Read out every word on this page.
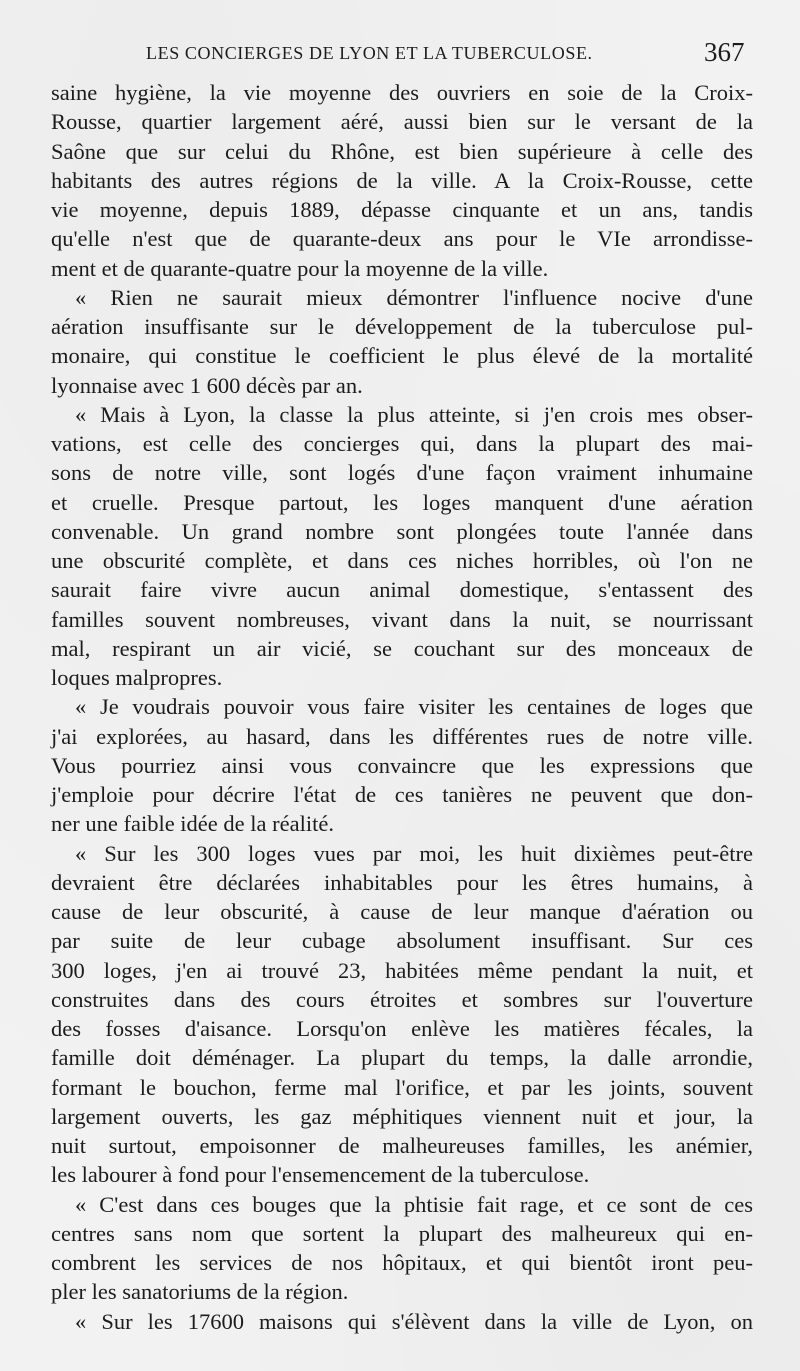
LES CONCIERGES DE LYON ET LA TUBERCULOSE.	367
saine hygiène, la vie moyenne des ouvriers en soie de la Croix-
Rousse, quartier largement aéré, aussi bien sur le versant de la
Saône que sur celui du Rhône, est bien supérieure à celle des
habitants des autres régions de la ville. A la Croix-Rousse, cette
vie moyenne, depuis 1889, dépasse cinquante et un ans, tandis
qu'elle n'est que de quarante-deux ans pour le VIe arrondisse-
ment et de quarante-quatre pour la moyenne de la ville.
« Rien ne saurait mieux démontrer l'influence nocive d'une
aération insuffisante sur le développement de la tuberculose pul-
monaire, qui constitue le coefficient le plus élevé de la mortalité
lyonnaise avec 1 600 décès par an.
« Mais à Lyon, la classe la plus atteinte, si j'en crois mes obser-
vations, est celle des concierges qui, dans la plupart des mai-
sons de notre ville, sont logés d'une façon vraiment inhumaine
et cruelle. Presque partout, les loges manquent d'une aération
convenable. Un grand nombre sont plongées toute l'année dans
une obscurité complète, et dans ces niches horribles, où l'on ne
saurait faire vivre aucun animal domestique, s'entassent des
familles souvent nombreuses, vivant dans la nuit, se nourrissant
mal, respirant un air vicié, se couchant sur des monceaux de
loques malpropres.
« Je voudrais pouvoir vous faire visiter les centaines de loges que
j'ai explorées, au hasard, dans les différentes rues de notre ville.
Vous pourriez ainsi vous convaincre que les expressions que
j'emploie pour décrire l'état de ces tanières ne peuvent que don-
ner une faible idée de la réalité.
« Sur les 300 loges vues par moi, les huit dixièmes peut-être
devraient être déclarées inhabitables pour les êtres humains, à
cause de leur obscurité, à cause de leur manque d'aération ou
par suite de leur cubage absolument insuffisant. Sur ces
300 loges, j'en ai trouvé 23, habitées même pendant la nuit, et
construites dans des cours étroites et sombres sur l'ouverture
des fosses d'aisance. Lorsqu'on enlève les matières fécales, la
famille doit déménager. La plupart du temps, la dalle arrondie,
formant le bouchon, ferme mal l'orifice, et par les joints, souvent
largement ouverts, les gaz méphitiques viennent nuit et jour, la
nuit surtout, empoisonner de malheureuses familles, les anémier,
les labourer à fond pour l'ensemencement de la tuberculose.
« C'est dans ces bouges que la phtisie fait rage, et ce sont de ces
centres sans nom que sortent la plupart des malheureux qui en-
combrent les services de nos hôpitaux, et qui bientôt iront peu-
pler les sanatoriums de la région.
« Sur les 17600 maisons qui s'élèvent dans la ville de Lyon, on
